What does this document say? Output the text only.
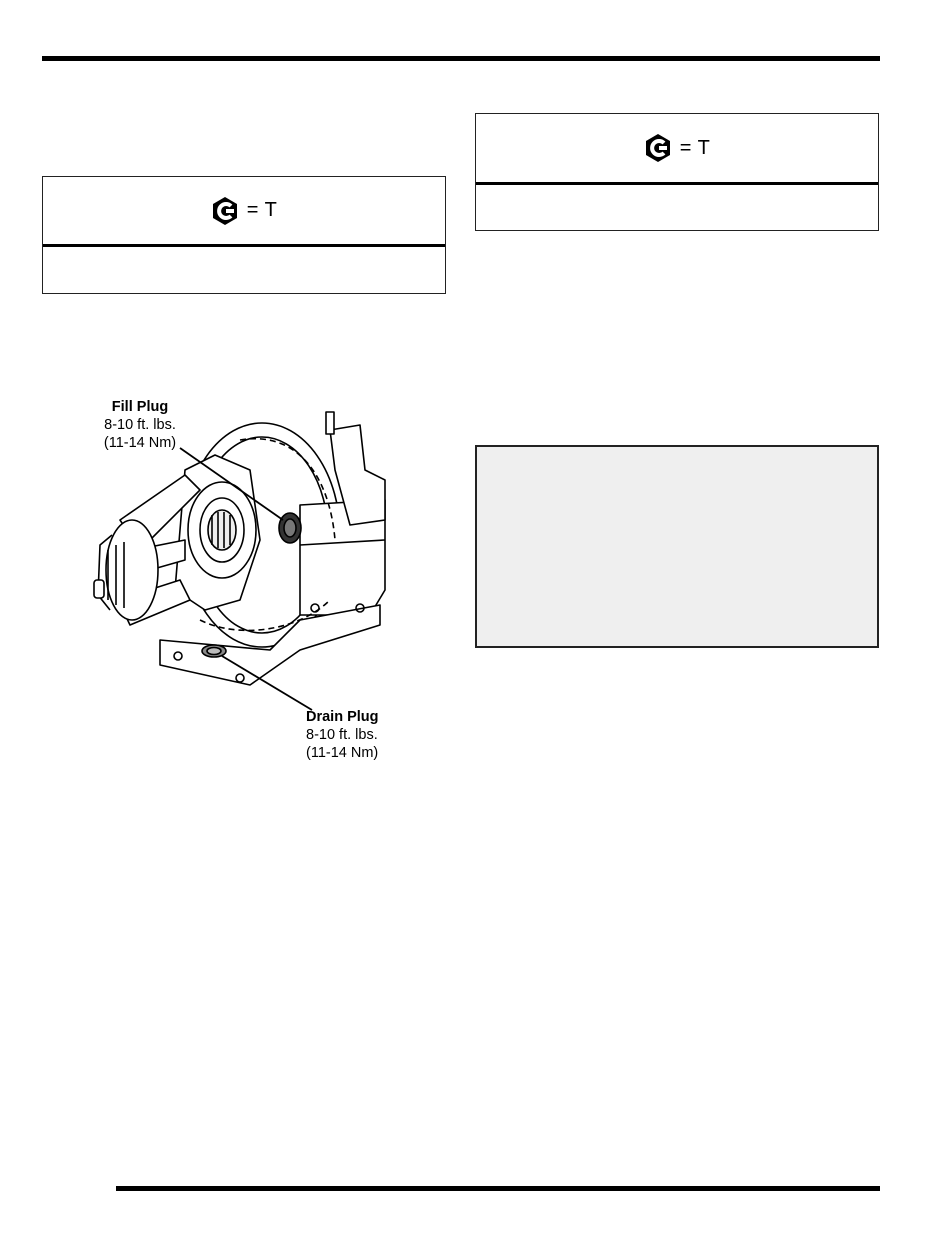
= T
= T
Fill Plug
8-10 ft. lbs.
(11-14 Nm)
Drain Plug
8-10 ft. lbs.
(11-14 Nm)
